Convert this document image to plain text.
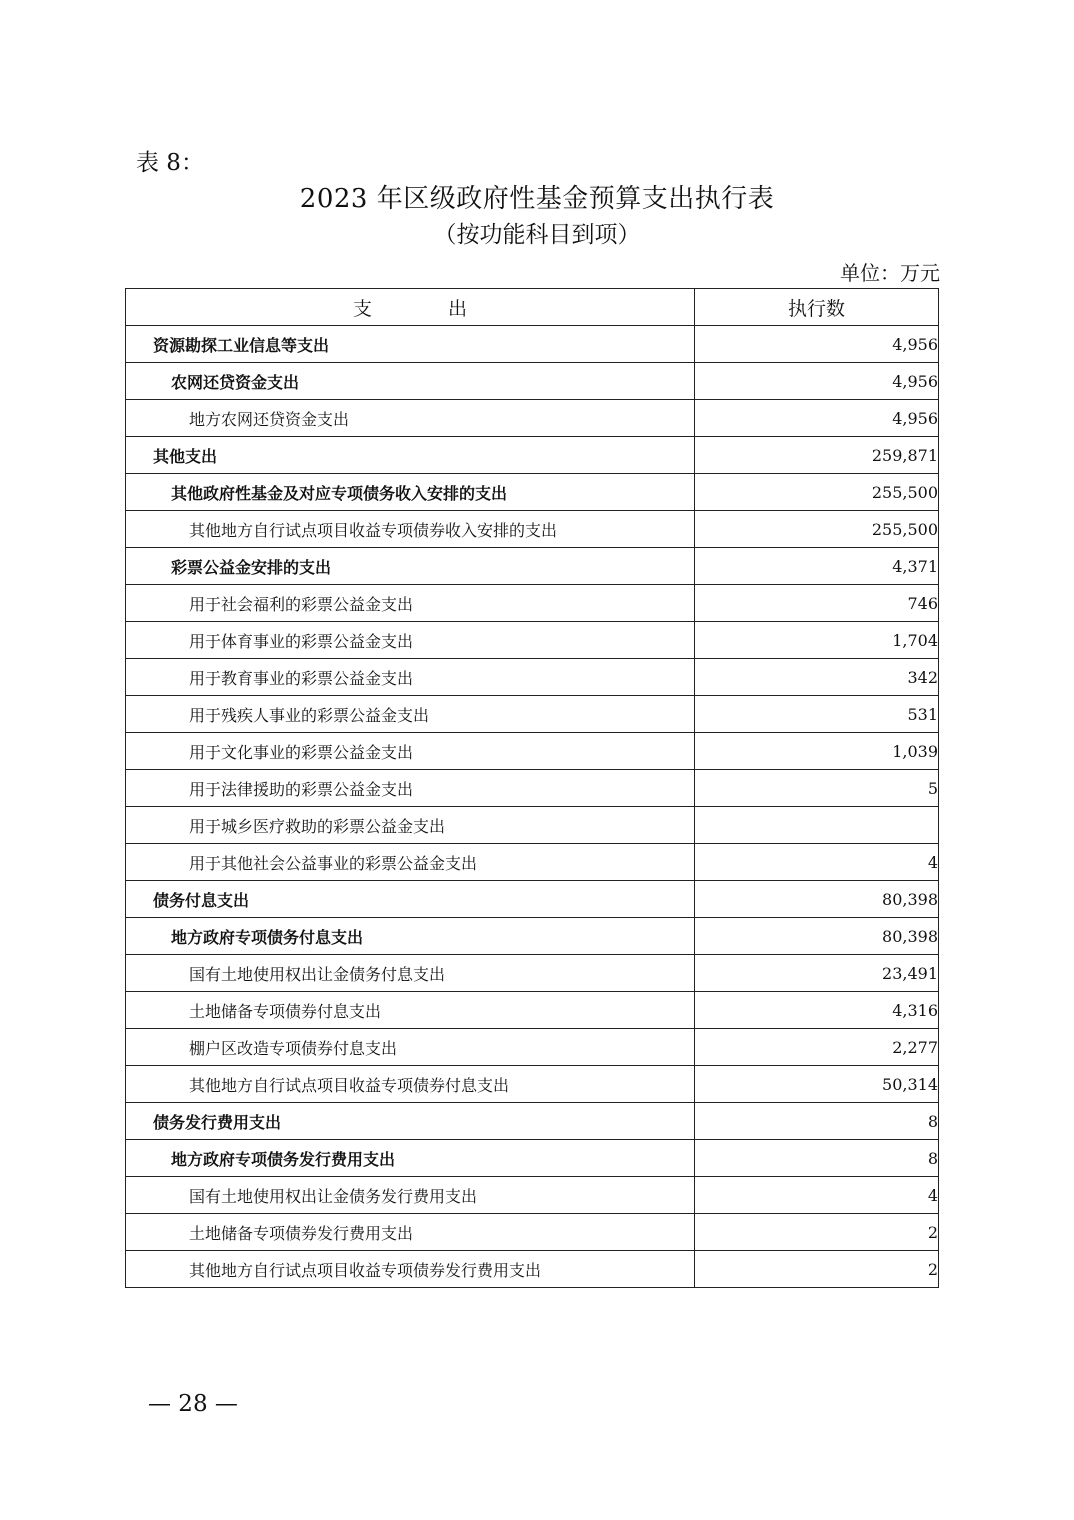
表 8：
2023 年区级政府性基金预算支出执行表
（按功能科目到项）
单位：万元
支　　　　出	执行数
资源勘探工业信息等支出	4,956
农网还贷资金支出	4,956
地方农网还贷资金支出	4,956
其他支出	259,871
其他政府性基金及对应专项债务收入安排的支出	255,500
其他地方自行试点项目收益专项债券收入安排的支出	255,500
彩票公益金安排的支出	4,371
用于社会福利的彩票公益金支出	746
用于体育事业的彩票公益金支出	1,704
用于教育事业的彩票公益金支出	342
用于残疾人事业的彩票公益金支出	531
用于文化事业的彩票公益金支出	1,039
用于法律援助的彩票公益金支出	5
用于城乡医疗救助的彩票公益金支出	
用于其他社会公益事业的彩票公益金支出	4
债务付息支出	80,398
地方政府专项债务付息支出	80,398
国有土地使用权出让金债务付息支出	23,491
土地储备专项债券付息支出	4,316
棚户区改造专项债券付息支出	2,277
其他地方自行试点项目收益专项债券付息支出	50,314
债务发行费用支出	8
地方政府专项债务发行费用支出	8
国有土地使用权出让金债务发行费用支出	4
土地储备专项债券发行费用支出	2
其他地方自行试点项目收益专项债券发行费用支出	2
— 28 —
